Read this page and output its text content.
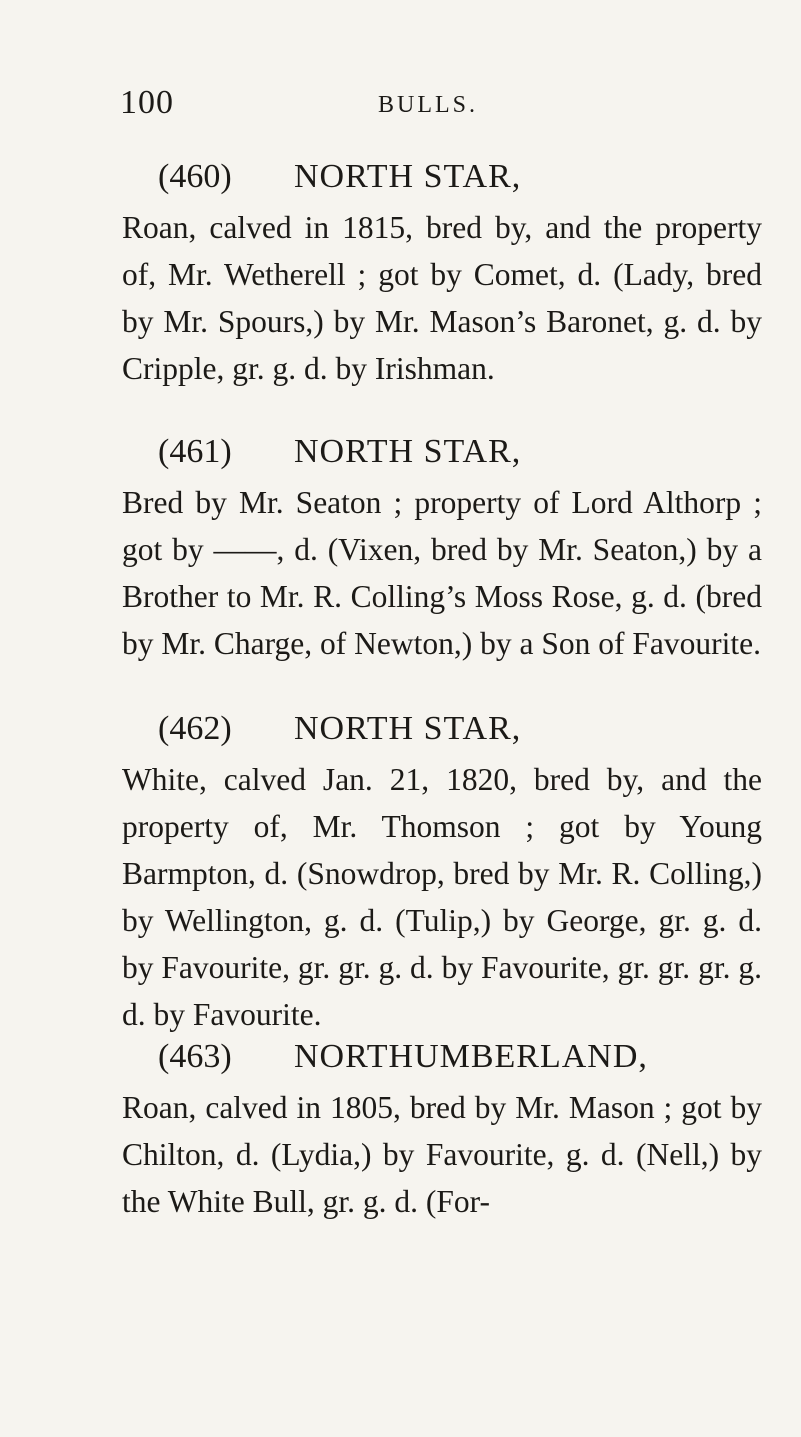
100	BULLS.
(460) NORTH STAR,

Roan, calved in 1815, bred by, and the property of, Mr. Wetherell ; got by Comet, d. (Lady, bred by Mr. Spours,) by Mr. Mason’s Baronet, g. d. by Cripple, gr. g. d. by Irishman.

(461) NORTH STAR,

Bred by Mr. Seaton ; property of Lord Althorp ; got by ——, d. (Vixen, bred by Mr. Seaton,) by a Brother to Mr. R. Colling’s Moss Rose, g. d. (bred by Mr. Charge, of Newton,) by a Son of Favourite.

(462) NORTH STAR,

White, calved Jan. 21, 1820, bred by, and the property of, Mr. Thomson ; got by Young Barmpton, d. (Snowdrop, bred by Mr. R. Colling,) by Wellington, g. d. (Tulip,) by George, gr. g. d. by Favourite, gr. gr. g. d. by Favourite, gr. gr. gr. g. d. by Favourite.

(463) NORTHUMBERLAND,

Roan, calved in 1805, bred by Mr. Mason ; got by Chilton, d. (Lydia,) by Favourite, g. d. (Nell,) by the White Bull, gr. g. d. (For-
